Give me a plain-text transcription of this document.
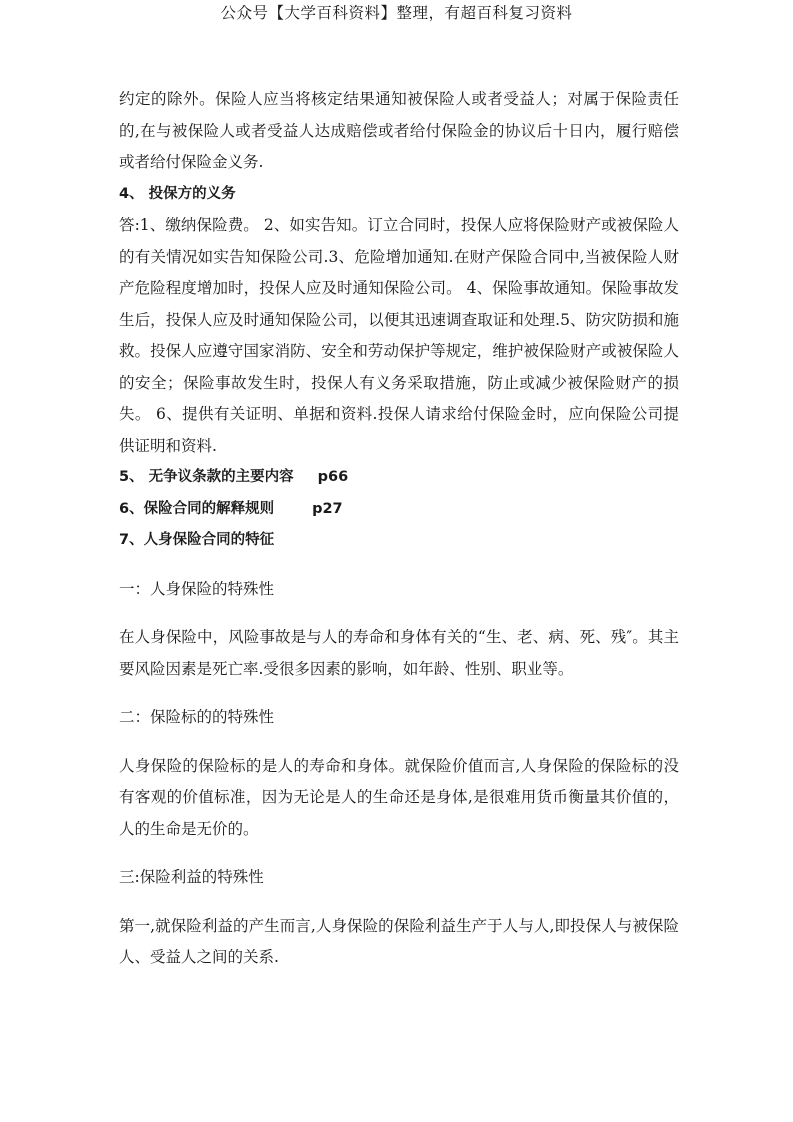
公众号【大学百科资料】整理，有超百科复习资料

约定的除外。保险人应当将核定结果通知被保险人或者受益人；对属于保险责任的,在与被保险人或者受益人达成赔偿或者给付保险金的协议后十日内，履行赔偿或者给付保险金义务.

4、 投保方的义务

答:1、缴纳保险费。 2、如实告知。订立合同时，投保人应将保险财产或被保险人的有关情况如实告知保险公司.3、危险增加通知.在财产保险合同中,当被保险人财产危险程度增加时，投保人应及时通知保险公司。 4、保险事故通知。保险事故发生后，投保人应及时通知保险公司，以便其迅速调查取证和处理.5、防灾防损和施救。投保人应遵守国家消防、安全和劳动保护等规定，维护被保险财产或被保险人的安全；保险事故发生时，投保人有义务采取措施，防止或减少被保险财产的损失。 6、提供有关证明、单据和资料.投保人请求给付保险金时，应向保险公司提供证明和资料.

5、 无争议条款的主要内容 p66

6、保险合同的解释规则	p27

7、人身保险合同的特征

一：人身保险的特殊性

在人身保险中，风险事故是与人的寿命和身体有关的“生、老、病、死、残″。其主要风险因素是死亡率.受很多因素的影响，如年龄、性别、职业等。

二：保险标的的特殊性

人身保险的保险标的是人的寿命和身体。就保险价值而言,人身保险的保险标的没有客观的价值标准，因为无论是人的生命还是身体,是很难用货币衡量其价值的，人的生命是无价的。

三:保险利益的特殊性

第一,就保险利益的产生而言,人身保险的保险利益生产于人与人,即投保人与被保险人、受益人之间的关系.
